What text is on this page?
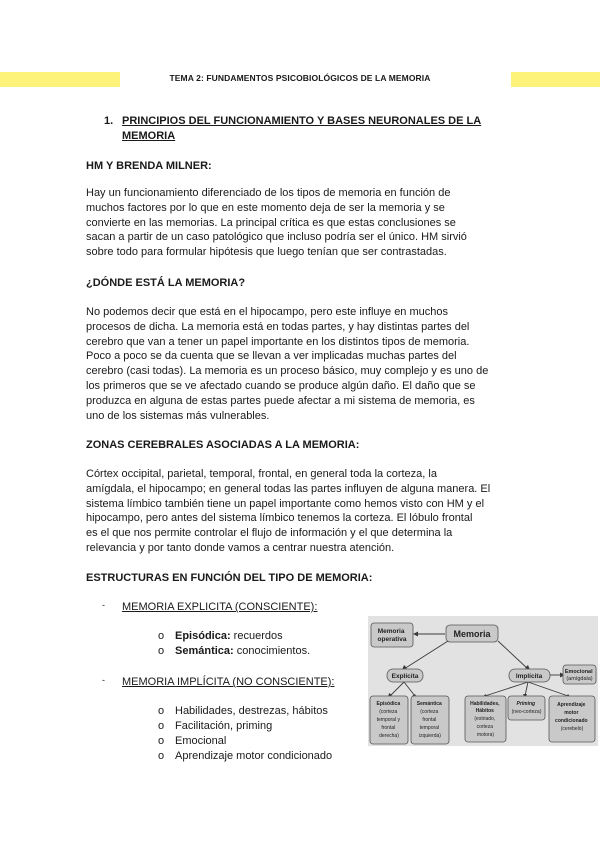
TEMA 2: FUNDAMENTOS PSICOBIOLÓGICOS DE LA MEMORIA
1. PRINCIPIOS DEL FUNCIONAMIENTO Y BASES NEURONALES DE LA MEMORIA
HM Y BRENDA MILNER:
Hay un funcionamiento diferenciado de los tipos de memoria en función de
muchos factores por lo que en este momento deja de ser la memoria y se
convierte en las memorias. La principal crítica es que estas conclusiones se
sacan a partir de un caso patológico que incluso podría ser el único. HM sirvió
sobre todo para formular hipótesis que luego tenían que ser contrastadas.
¿DÓNDE ESTÁ LA MEMORIA?
No podemos decir que está en el hipocampo, pero este influye en muchos
procesos de dicha. La memoria está en todas partes, y hay distintas partes del
cerebro que van a tener un papel importante en los distintos tipos de memoria.
Poco a poco se da cuenta que se llevan a ver implicadas muchas partes del
cerebro (casi todas). La memoria es un proceso básico, muy complejo y es uno de
los primeros que se ve afectado cuando se produce algún daño. El daño que se
produzca en alguna de estas partes puede afectar a mi sistema de memoria, es
uno de los sistemas más vulnerables.
ZONAS CEREBRALES ASOCIADAS A LA MEMORIA:
Córtex occipital, parietal, temporal, frontal, en general toda la corteza, la
amígdala, el hipocampo; en general todas las partes influyen de alguna manera. El
sistema límbico también tiene un papel importante como hemos visto con HM y el
hipocampo, pero antes del sistema límbico tenemos la corteza. El lóbulo frontal
es el que nos permite controlar el flujo de información y el que determina la
relevancia y por tanto donde vamos a centrar nuestra atención.
ESTRUCTURAS EN FUNCIÓN DEL TIPO DE MEMORIA:
- MEMORIA EXPLICITA (CONSCIENTE):
o Episódica: recuerdos
o Semántica: conocimientos.
- MEMORIA IMPLÍCITA (NO CONSCIENTE):
o Habilidades, destrezas, hábitos
o Facilitación, priming
o Emocional
o Aprendizaje motor condicionado
Memoria operativa
Memoria
Explícita	Implícita
Emocional (amígdala)
Episódica (corteza temporal y frontal derecha)
Semántica (corteza frontal temporal izquierda)
Habilidades, Hábitos (estriado, corteza motora)
Priming (neo-corteza)
Aprendizaje motor condicionado (cerebelo)
